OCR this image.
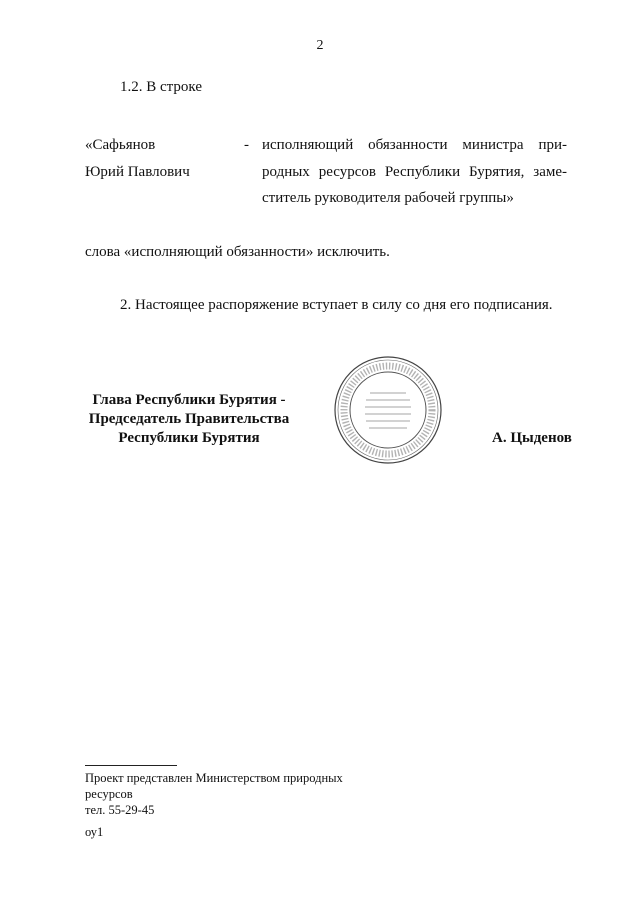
2
1.2. В строке
«Сафьянов
Юрий Павлович
- исполняющий обязанности министра при-
родных ресурсов Республики Бурятия, заме-
ститель руководителя рабочей группы»
слова «исполняющий обязанности» исключить.
2. Настоящее распоряжение вступает в силу со дня его подписания.
Глава Республики Бурятия -
Председатель Правительства
Республики Бурятия	А. Цыденов
Проект представлен Министерством природных
ресурсов
тел. 55-29-45
оу1
